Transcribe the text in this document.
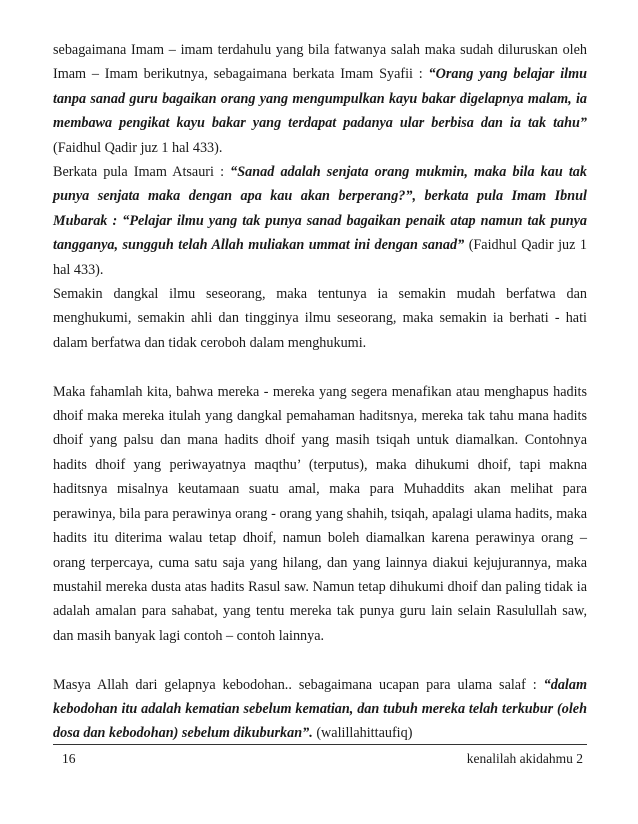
sebagaimana Imam – imam terdahulu yang bila fatwanya salah maka sudah diluruskan oleh Imam – Imam berikutnya, sebagaimana berkata Imam Syafii : “Orang yang belajar ilmu tanpa sanad guru bagaikan orang yang mengumpulkan kayu bakar digelapnya malam, ia membawa pengikat kayu bakar yang terdapat padanya ular berbisa dan ia tak tahu” (Faidhul Qadir juz 1 hal 433).

Berkata pula Imam Atsauri : “Sanad adalah senjata orang mukmin, maka bila kau tak punya senjata maka dengan apa kau akan berperang?”, berkata pula Imam Ibnul Mubarak : “Pelajar ilmu yang tak punya sanad bagaikan penaik atap namun tak punya tangganya, sungguh telah Allah muliakan ummat ini dengan sanad” (Faidhul Qadir juz 1 hal 433).

Semakin dangkal ilmu seseorang, maka tentunya ia semakin mudah berfatwa dan menghukumi, semakin ahli dan tingginya ilmu seseorang, maka semakin ia berhati - hati dalam berfatwa dan tidak ceroboh dalam menghukumi.

Maka fahamlah kita, bahwa mereka - mereka yang segera menafikan atau menghapus hadits dhoif maka mereka itulah yang dangkal pemahaman haditsnya, mereka tak tahu mana hadits dhoif yang palsu dan mana hadits dhoif yang masih tsiqah untuk diamalkan. Contohnya hadits dhoif yang periwayatnya maqthu’ (terputus), maka dihukumi dhoif, tapi makna haditsnya misalnya keutamaan suatu amal, maka para Muhaddits akan melihat para perawinya, bila para perawinya orang - orang yang shahih, tsiqah, apalagi ulama hadits, maka hadits itu diterima walau tetap dhoif, namun boleh diamalkan karena perawinya orang – orang terpercaya, cuma satu saja yang hilang, dan yang lainnya diakui kejujurannya, maka mustahil mereka dusta atas hadits Rasul saw. Namun tetap dihukumi dhoif dan paling tidak ia adalah amalan para sahabat, yang tentu mereka tak punya guru lain selain Rasulullah saw, dan masih banyak lagi contoh – contoh lainnya.

Masya Allah dari gelapnya kebodohan.. sebagaimana ucapan para ulama salaf : “dalam kebodohan itu adalah kematian sebelum kematian, dan tubuh mereka telah terkubur (oleh dosa dan kebodohan) sebelum dikuburkan”. (walillahittaufiq)

16	kenalilah akidahmu 2
